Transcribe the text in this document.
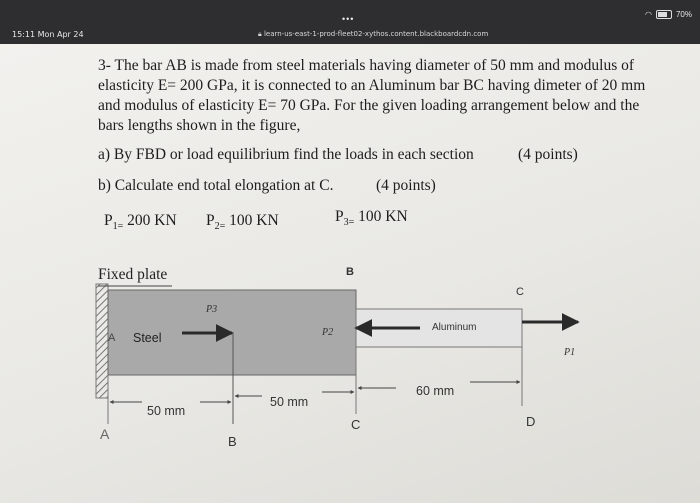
15:11 Mon Apr 24
•••
🔒︎ learn-us-east-1-prod-fleet02-xythos.content.blackboardcdn.com
◠	70%
3- The bar AB is made from steel materials having diameter of 50 mm and modulus of elasticity E= 200 GPa, it is connected to an Aluminum bar BC having dimeter of 20 mm and modulus of elasticity E= 70 GPa. For the given loading arrangement below and the bars lengths shown in the figure,
a) By FBD or load equilibrium find the loads in each section	(4 points)
b) Calculate end total elongation at C.	(4 points)
$P_{1=}$ 200 KN $P_{2=}$ 100 KN	$P_{3=}$ 100 KN
Fixed plate
Steel
Aluminum
A
A	B
B
C
C
D
P3
P2
P1
50 mm
50 mm
60 mm
